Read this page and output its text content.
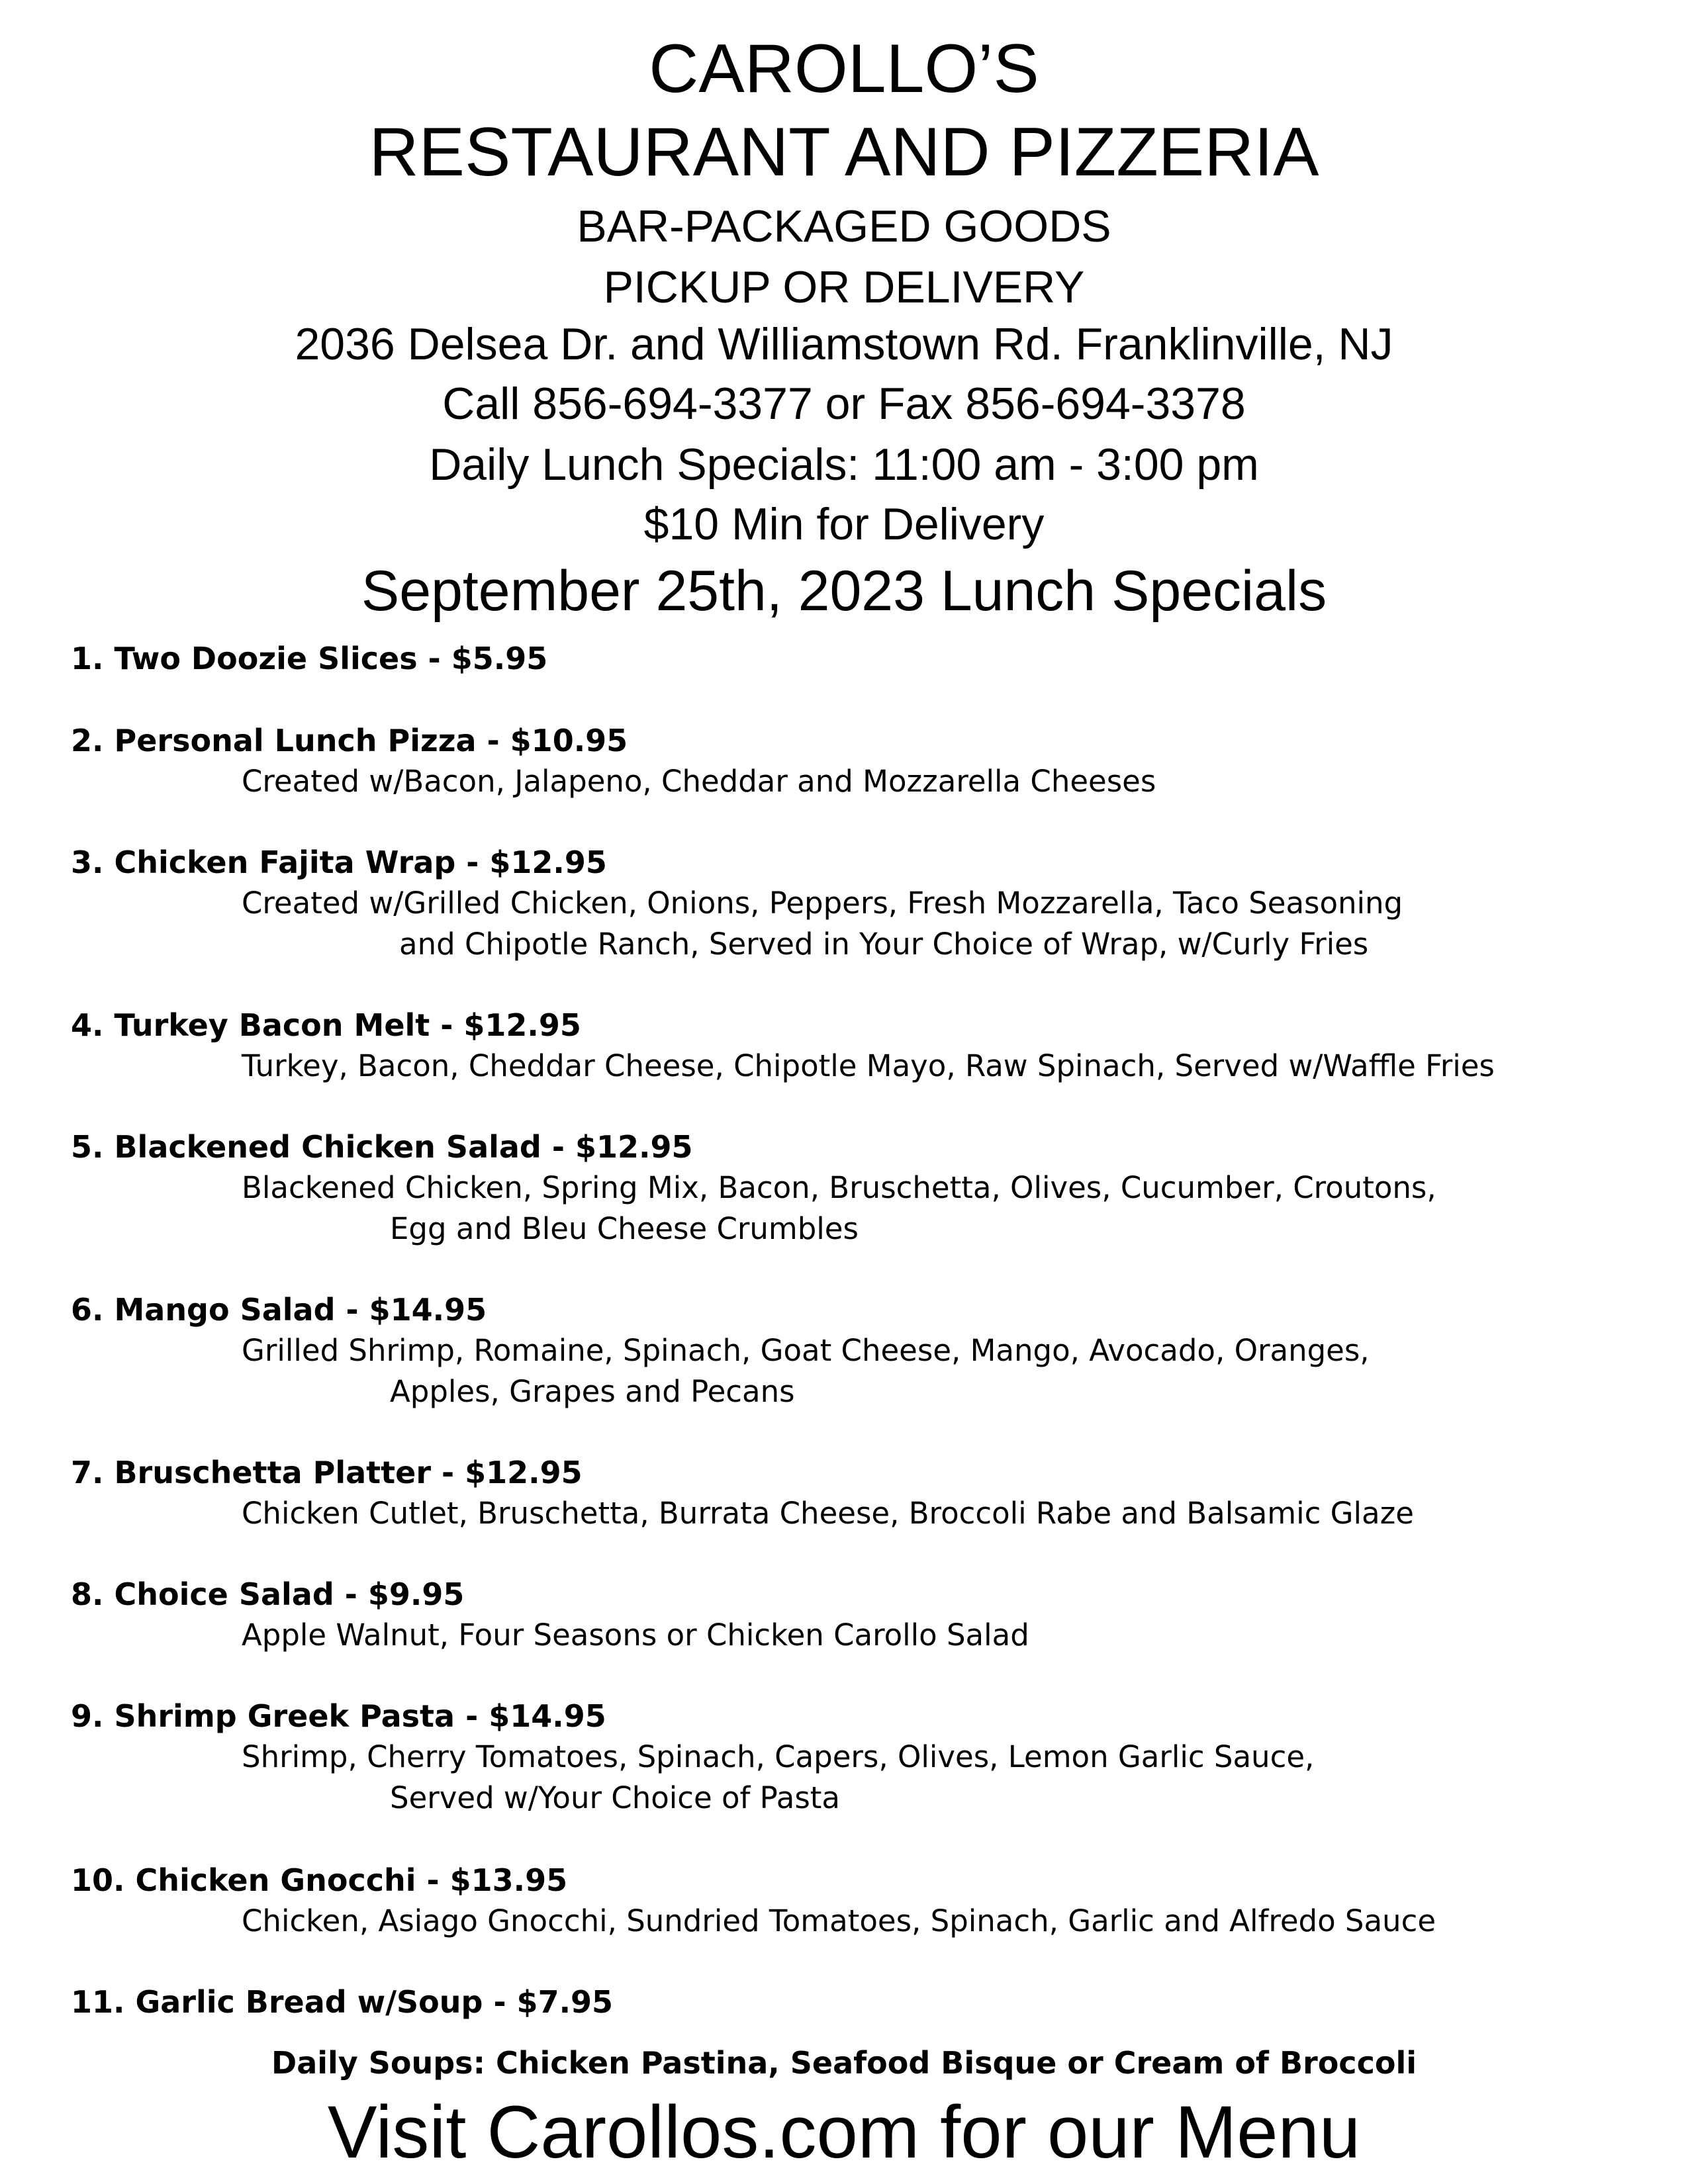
CAROLLO’S
RESTAURANT AND PIZZERIA
BAR-PACKAGED GOODS
PICKUP OR DELIVERY
2036 Delsea Dr. and Williamstown Rd. Franklinville, NJ
Call 856-694-3377 or Fax 856-694-3378
Daily Lunch Specials: 11:00 am - 3:00 pm
$10 Min for Delivery
September 25th, 2023 Lunch Specials
1. Two Doozie Slices - $5.95
2. Personal Lunch Pizza - $10.95
Created w/Bacon, Jalapeno, Cheddar and Mozzarella Cheeses
3. Chicken Fajita Wrap - $12.95
Created w/Grilled Chicken, Onions, Peppers, Fresh Mozzarella, Taco Seasoning
and Chipotle Ranch, Served in Your Choice of Wrap, w/Curly Fries
4. Turkey Bacon Melt - $12.95
Turkey, Bacon, Cheddar Cheese, Chipotle Mayo, Raw Spinach, Served w/Waffle Fries
5. Blackened Chicken Salad - $12.95
Blackened Chicken, Spring Mix, Bacon, Bruschetta, Olives, Cucumber, Croutons,
Egg and Bleu Cheese Crumbles
6. Mango Salad - $14.95
Grilled Shrimp, Romaine, Spinach, Goat Cheese, Mango, Avocado, Oranges,
Apples, Grapes and Pecans
7. Bruschetta Platter - $12.95
Chicken Cutlet, Bruschetta, Burrata Cheese, Broccoli Rabe and Balsamic Glaze
8. Choice Salad - $9.95
Apple Walnut, Four Seasons or Chicken Carollo Salad
9. Shrimp Greek Pasta - $14.95
Shrimp, Cherry Tomatoes, Spinach, Capers, Olives, Lemon Garlic Sauce,
Served w/Your Choice of Pasta
10. Chicken Gnocchi - $13.95
Chicken, Asiago Gnocchi, Sundried Tomatoes, Spinach, Garlic and Alfredo Sauce
11. Garlic Bread w/Soup - $7.95
Daily Soups: Chicken Pastina, Seafood Bisque or Cream of Broccoli
Visit Carollos.com for our Menu
